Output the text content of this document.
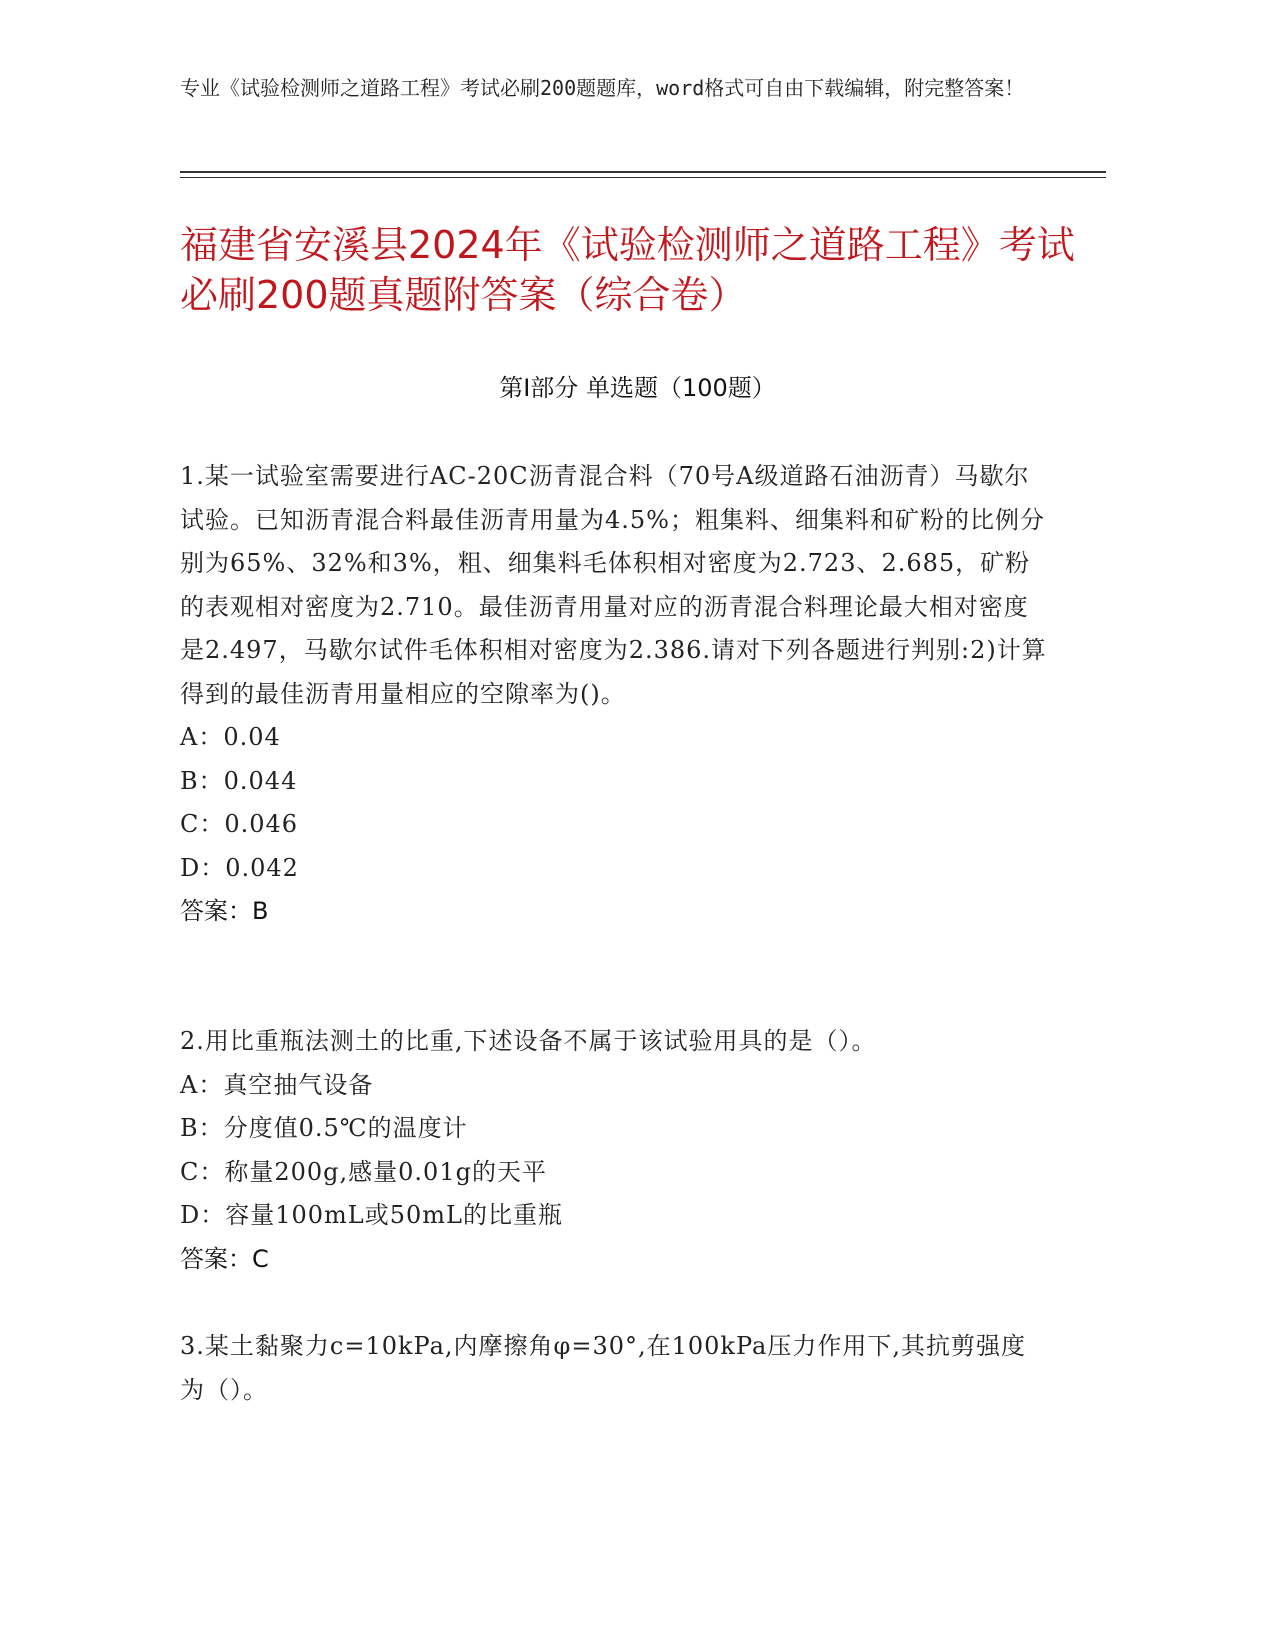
专业《试验检测师之道路工程》考试必刷200题题库，word格式可自由下载编辑，附完整答案！
福建省安溪县2024年《试验检测师之道路工程》考试必刷200题真题附答案（综合卷）
第Ⅰ部分 单选题（100题）

1.某一试验室需要进行AC-20C沥青混合料（70号A级道路石油沥青）马歇尔试验。已知沥青混合料最佳沥青用量为4.5%；粗集料、细集料和矿粉的比例分别为65%、32%和3%，粗、细集料毛体积相对密度为2.723、2.685，矿粉的表观相对密度为2.710。最佳沥青用量对应的沥青混合料理论最大相对密度是2.497，马歇尔试件毛体积相对密度为2.386.请对下列各题进行判别:2)计算得到的最佳沥青用量相应的空隙率为()。

A：0.04
B：0.044
C：0.046
D：0.042

答案：B

2.用比重瓶法测土的比重,下述设备不属于该试验用具的是（）。

A：真空抽气设备
B：分度值0.5℃的温度计
C：称量200g,感量0.01g的天平
D：容量100mL或50mL的比重瓶

答案：C

3.某土黏聚力c=10kPa,内摩擦角φ=30°,在100kPa压力作用下,其抗剪强度为（）。
